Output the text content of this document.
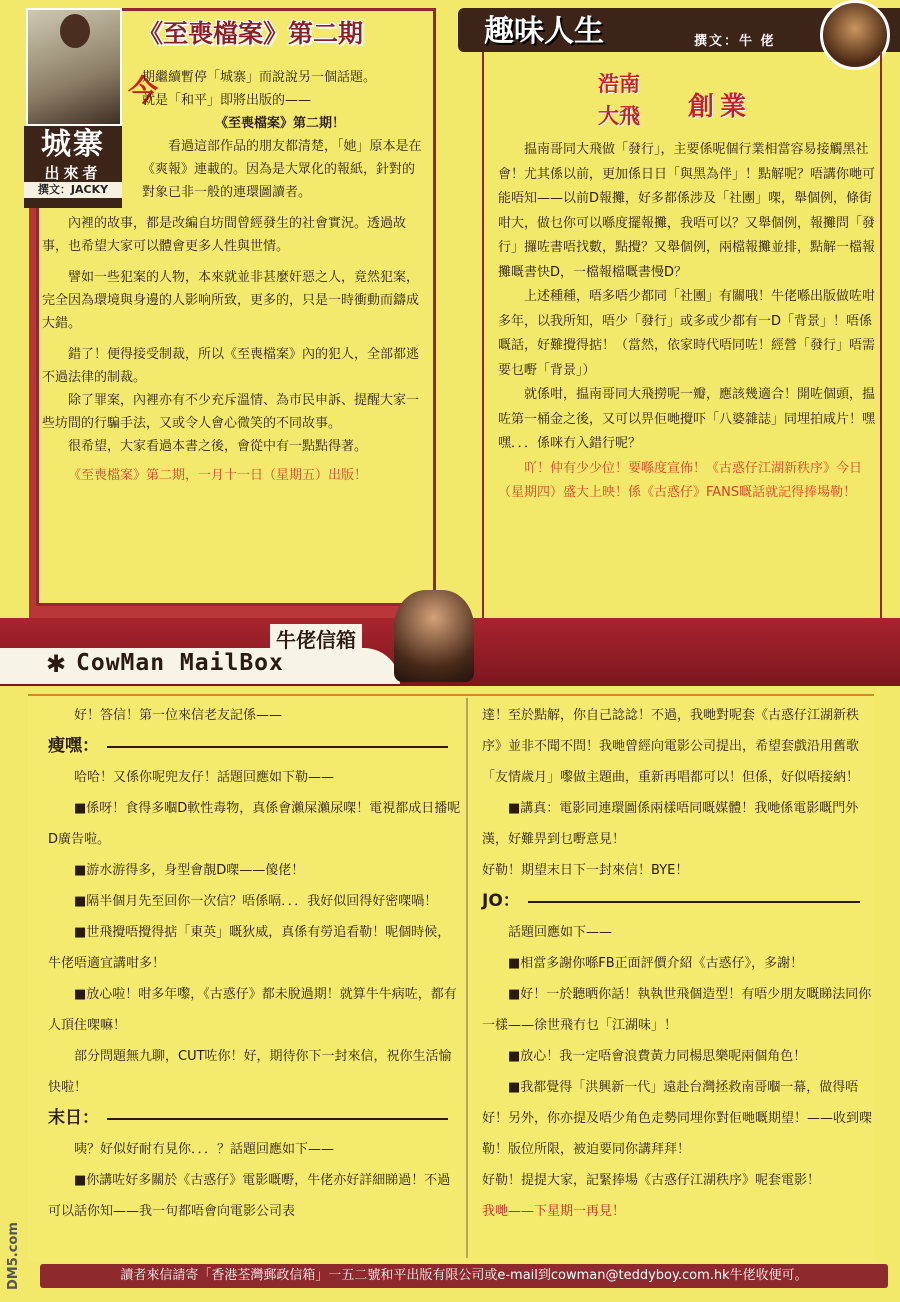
城寨
出來者
撰文：JACKY
《至喪檔案》第二期
今

期繼續暫停「城寨」而說說另一個話題。

就是「和平」即將出版的——

《至喪檔案》第二期！

看過這部作品的朋友都清楚，「她」原本是在《爽報》連載的。因為是大眾化的報紙，針對的對象已非一般的連環圖讀者。

內裡的故事，都是改編自坊間曾經發生的社會實況。透過故事，也希望大家可以體會更多人性與世情。

譬如一些犯案的人物，本來就並非甚麼奸惡之人，竟然犯案，完全因為環境與身邊的人影响所致，更多的，只是一時衝動而鑄成大錯。

錯了！便得接受制裁，所以《至喪檔案》內的犯人，全部都逃不過法律的制裁。

除了罪案，內裡亦有不少充斥溫情、為市民申訴、提醒大家一些坊間的行騙手法，又或令人會心微笑的不同故事。

很希望，大家看過本書之後，會從中有一點點得著。

《至喪檔案》第二期，一月十一日（星期五）出版！

趣味人生	撰文：牛 佬
浩南
大飛 創業

揾南哥同大飛做「發行」，主要係呢個行業相當容易接觸黑社會！尤其係以前，更加係日日「與黑為伴」！點解呢？唔講你哋可能唔知——以前D報攤，好多都係涉及「社團」㗎，舉個例，條街咁大，做乜你可以喺度擺報攤，我唔可以？又舉個例，報攤問「發行」攞咗書唔找數，點攪？又舉個例，兩檔報攤並排，點解一檔報攤嘅書快D，一檔報檔嘅書慢D？

上述種種，唔多唔少都同「社團」有關哦！牛佬喺出版做咗咁多年，以我所知，唔少「發行」或多或少都有一D「背景」！唔係嘅話，好難攪得掂！（當然，依家時代唔同咗！經營「發行」唔需要乜嘢「背景」）

就係咁，揾南哥同大飛撈呢一瓣，應該幾適合！開咗個頭，揾咗第一桶金之後，又可以畀佢哋攪吓「八婆雜誌」同埋拍咸片！嘿嘿．．．係咪冇入錯行呢？

吖！仲有少少位！要喺度宣佈！《古惑仔江湖新秩序》今日（星期四）盛大上映！係《古惑仔》FANS嘅話就記得捧場勒！

牛佬信箱
✱ CowMan MailBox

好！答信！第一位來信老友記係——

瘦嘿：

哈哈！又係你呢兜友仔！話題回應如下勒——

■係呀！食得多嗰D軟性毒物，真係會瀨屎瀨尿㗎！電視都成日播呢D廣告啦。

■游水游得多，身型會靚D㗎——傻佬！

■隔半個月先至回你一次信？唔係嗝．．．我好似回得好密㗎喎！

■世飛攪唔攪得掂「東英」嘅狄威，真係有勞追看勒！呢個時候，牛佬唔適宜講咁多！

■放心啦！咁多年嚟，《古惑仔》都未脫過期！就算牛牛病咗，都有人頂住㗎嘛！

部分問題無九聊，CUT咗你！好，期待你下一封來信，祝你生活愉快啦！

末日：

咦？好似好耐冇見你．．．？話題回應如下——

■你講咗好多關於《古惑仔》電影嘅嘢，牛佬亦好詳細睇過！不過可以話你知——我一句都唔會向電影公司表

達！至於點解，你自己諗諗！不過，我哋對呢套《古惑仔江湖新秩序》並非不聞不問！我哋曾經向電影公司提出，希望套戲沿用舊歌「友情歲月」嚟做主題曲，重新再唱都可以！但係，好似唔接納！

■講真：電影同連環圖係兩樣唔同嘅媒體！我哋係電影嘅門外漢，好難畀到乜嘢意見！

好勒！期望末日下一封來信！BYE！

JO：

話題回應如下——

■相當多謝你喺FB正面評價介紹《古惑仔》，多謝！

■好！一於聽晒你話！執執世飛個造型！有唔少朋友嘅睇法同你一樣——徐世飛冇乜「江湖味」！

■放心！我一定唔會浪費黃力同楊思樂呢兩個角色！

■我都覺得「洪興新一代」遠赴台灣拯救南哥嗰一幕，做得唔好！另外，你亦提及唔少角色走勢同埋你對佢哋嘅期望！——收到㗎勒！版位所限，被迫要同你講拜拜！

好勒！提提大家，記緊捧場《古惑仔江湖秩序》呢套電影！

我哋——下星期一再見！

讀者來信請寄「香港荃灣郵政信箱」一五二號和平出版有限公司或e-mail到cowman@teddyboy.com.hk牛佬收便可。
DM5.com
